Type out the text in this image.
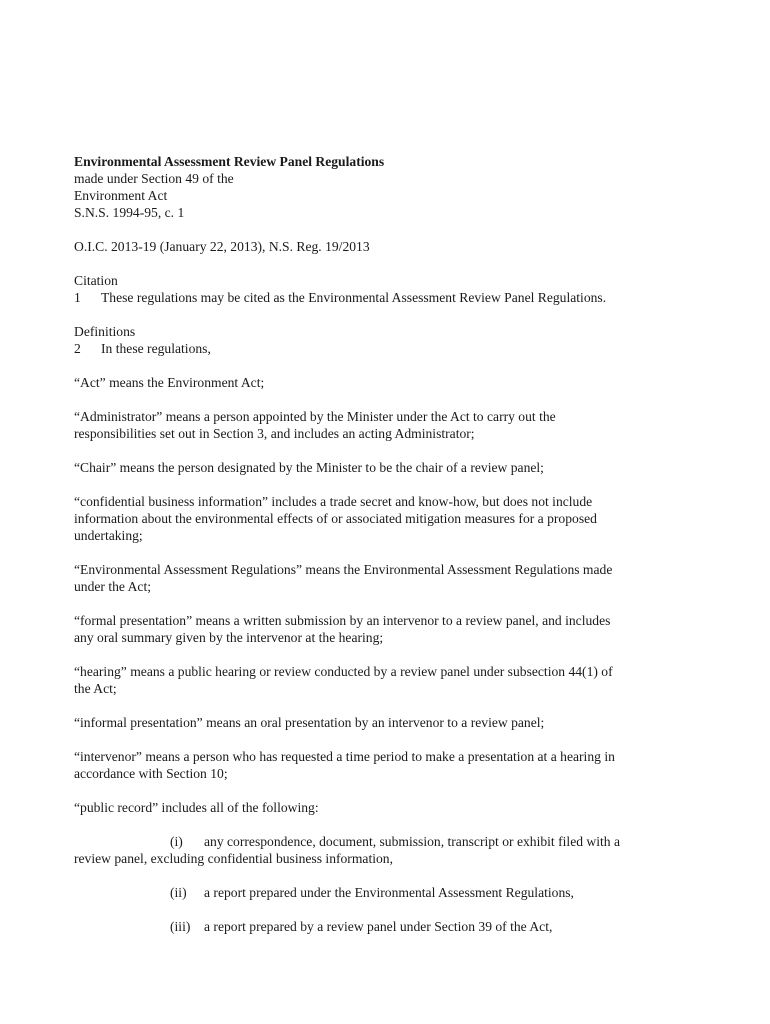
Environmental Assessment Review Panel Regulations
made under Section 49 of the
Environment Act
S.N.S. 1994-95, c. 1
O.I.C. 2013-19 (January 22, 2013), N.S. Reg. 19/2013
Citation
1 These regulations may be cited as the Environmental Assessment Review Panel Regulations.
Definitions
2 In these regulations,
“Act” means the Environment Act;
“Administrator” means a person appointed by the Minister under the Act to carry out the
responsibilities set out in Section 3, and includes an acting Administrator;
“Chair” means the person designated by the Minister to be the chair of a review panel;
“confidential business information” includes a trade secret and know-how, but does not include
information about the environmental effects of or associated mitigation measures for a proposed
undertaking;
“Environmental Assessment Regulations” means the Environmental Assessment Regulations made
under the Act;
“formal presentation” means a written submission by an intervenor to a review panel, and includes
any oral summary given by the intervenor at the hearing;
“hearing” means a public hearing or review conducted by a review panel under subsection 44(1) of
the Act;
“informal presentation” means an oral presentation by an intervenor to a review panel;
“intervenor” means a person who has requested a time period to make a presentation at a hearing in
accordance with Section 10;
“public record” includes all of the following:
(i) any correspondence, document, submission, transcript or exhibit filed with a
review panel, excluding confidential business information,
(ii) a report prepared under the Environmental Assessment Regulations,
(iii) a report prepared by a review panel under Section 39 of the Act,
